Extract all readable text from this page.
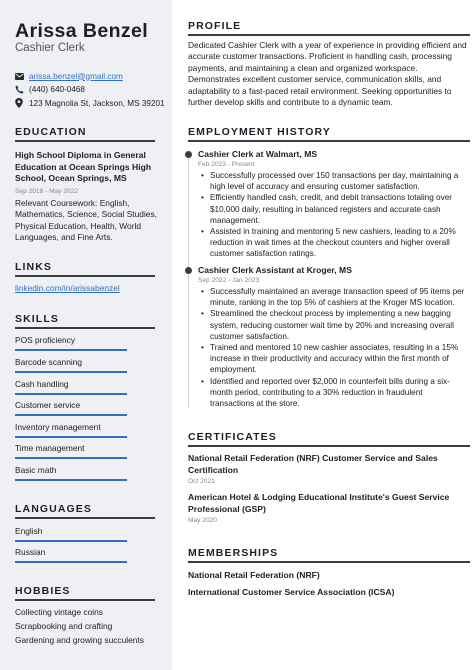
Arissa Benzel
Cashier Clerk
arissa.benzel@gmail.com
(440) 640-0468
123 Magnolia St, Jackson, MS 39201
EDUCATION
High School Diploma in General Education at Ocean Springs High School, Ocean Springs, MS
Sep 2018 - May 2022
Relevant Coursework: English, Mathematics, Science, Social Studies, Physical Education, Health, World Languages, and Fine Arts.
LINKS
linkedin.com/in/arissabenzel
SKILLS
POS proficiency
Barcode scanning
Cash handling
Customer service
Inventory management
Time management
Basic math
LANGUAGES
English
Russian
HOBBIES
Collecting vintage coins
Scrapbooking and crafting
Gardening and growing succulents
PROFILE
Dedicated Cashier Clerk with a year of experience in providing efficient and accurate customer transactions. Proficient in handling cash, processing payments, and maintaining a clean and organized workspace. Demonstrates excellent customer service, communication skills, and adaptability to a fast-paced retail environment. Seeking opportunities to further develop skills and contribute to a dynamic team.
EMPLOYMENT HISTORY
Cashier Clerk at Walmart, MS
Feb 2023 - Present
• Successfully processed over 150 transactions per day, maintaining a high level of accuracy and ensuring customer satisfaction.
• Efficiently handled cash, credit, and debit transactions totaling over $10,000 daily, resulting in balanced registers and accurate cash management.
• Assisted in training and mentoring 5 new cashiers, leading to a 20% reduction in wait times at the checkout counters and higher overall customer satisfaction ratings.
Cashier Clerk Assistant at Kroger, MS
Sep 2022 - Jan 2023
• Successfully maintained an average transaction speed of 95 items per minute, ranking in the top 5% of cashiers at the Kroger MS location.
• Streamlined the checkout process by implementing a new bagging system, reducing customer wait time by 20% and increasing overall customer satisfaction.
• Trained and mentored 10 new cashier associates, resulting in a 15% increase in their productivity and accuracy within the first month of employment.
• Identified and reported over $2,000 in counterfeit bills during a six-month period, contributing to a 30% reduction in fraudulent transactions at the store.
CERTIFICATES
National Retail Federation (NRF) Customer Service and Sales Certification
Oct 2021
American Hotel & Lodging Educational Institute's Guest Service Professional (GSP)
May 2020
MEMBERSHIPS
National Retail Federation (NRF)
International Customer Service Association (ICSA)
